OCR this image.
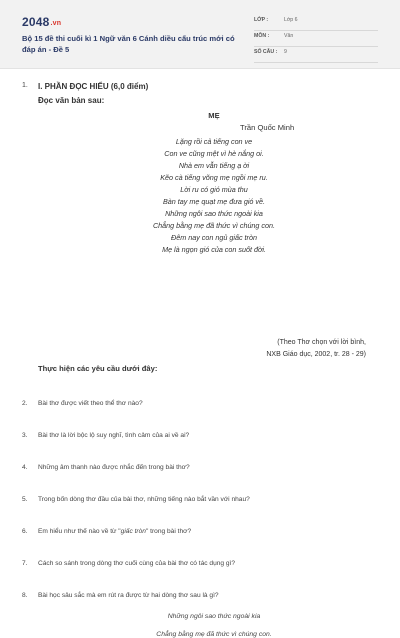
2048.vn
Bộ 15 đề thi cuối kì 1 Ngữ văn 6 Cánh diều cấu trúc mới có đáp án - Đề 5
LỚP :	Lớp 6
MÔN :	Văn
SỐ CÂU : 9
1. I. PHẦN ĐỌC HIỂU (6,0 điểm)
Đọc văn bản sau:
MẸ
Trần Quốc Minh
Lặng rồi cả tiếng con ve
Con ve cũng mệt vì hè nắng oi.
Nhà em vẫn tiếng ạ ời
Kẽo cà tiếng võng mẹ ngồi mẹ ru.
Lời ru có gió mùa thu
Bàn tay mẹ quạt mẹ đưa gió về.
Những ngôi sao thức ngoài kia
Chẳng bằng mẹ đã thức vì chúng con.
Đêm nay con ngủ giấc tròn
Mẹ là ngọn gió của con suốt đời.
(Theo Thơ chọn với lời bình,
NXB Giáo dục, 2002, tr. 28 - 29)
Thực hiện các yêu cầu dưới đây:
2. Bài thơ được viết theo thể thơ nào?
3. Bài thơ là lời bộc lộ suy nghĩ, tình cảm của ai về ai?
4. Những âm thanh nào được nhắc đến trong bài thơ?
5. Trong bốn dòng thơ đầu của bài thơ, những tiếng nào bắt vần với nhau?
6. Em hiểu như thế nào về từ "giấc tròn" trong bài thơ?
7. Cách so sánh trong dòng thơ cuối cùng của bài thơ có tác dụng gì?
8. Bài học sâu sắc mà em rút ra được từ hai dòng thơ sau là gì?
Những ngôi sao thức ngoài kia
Chẳng bằng mẹ đã thức vì chúng con.
